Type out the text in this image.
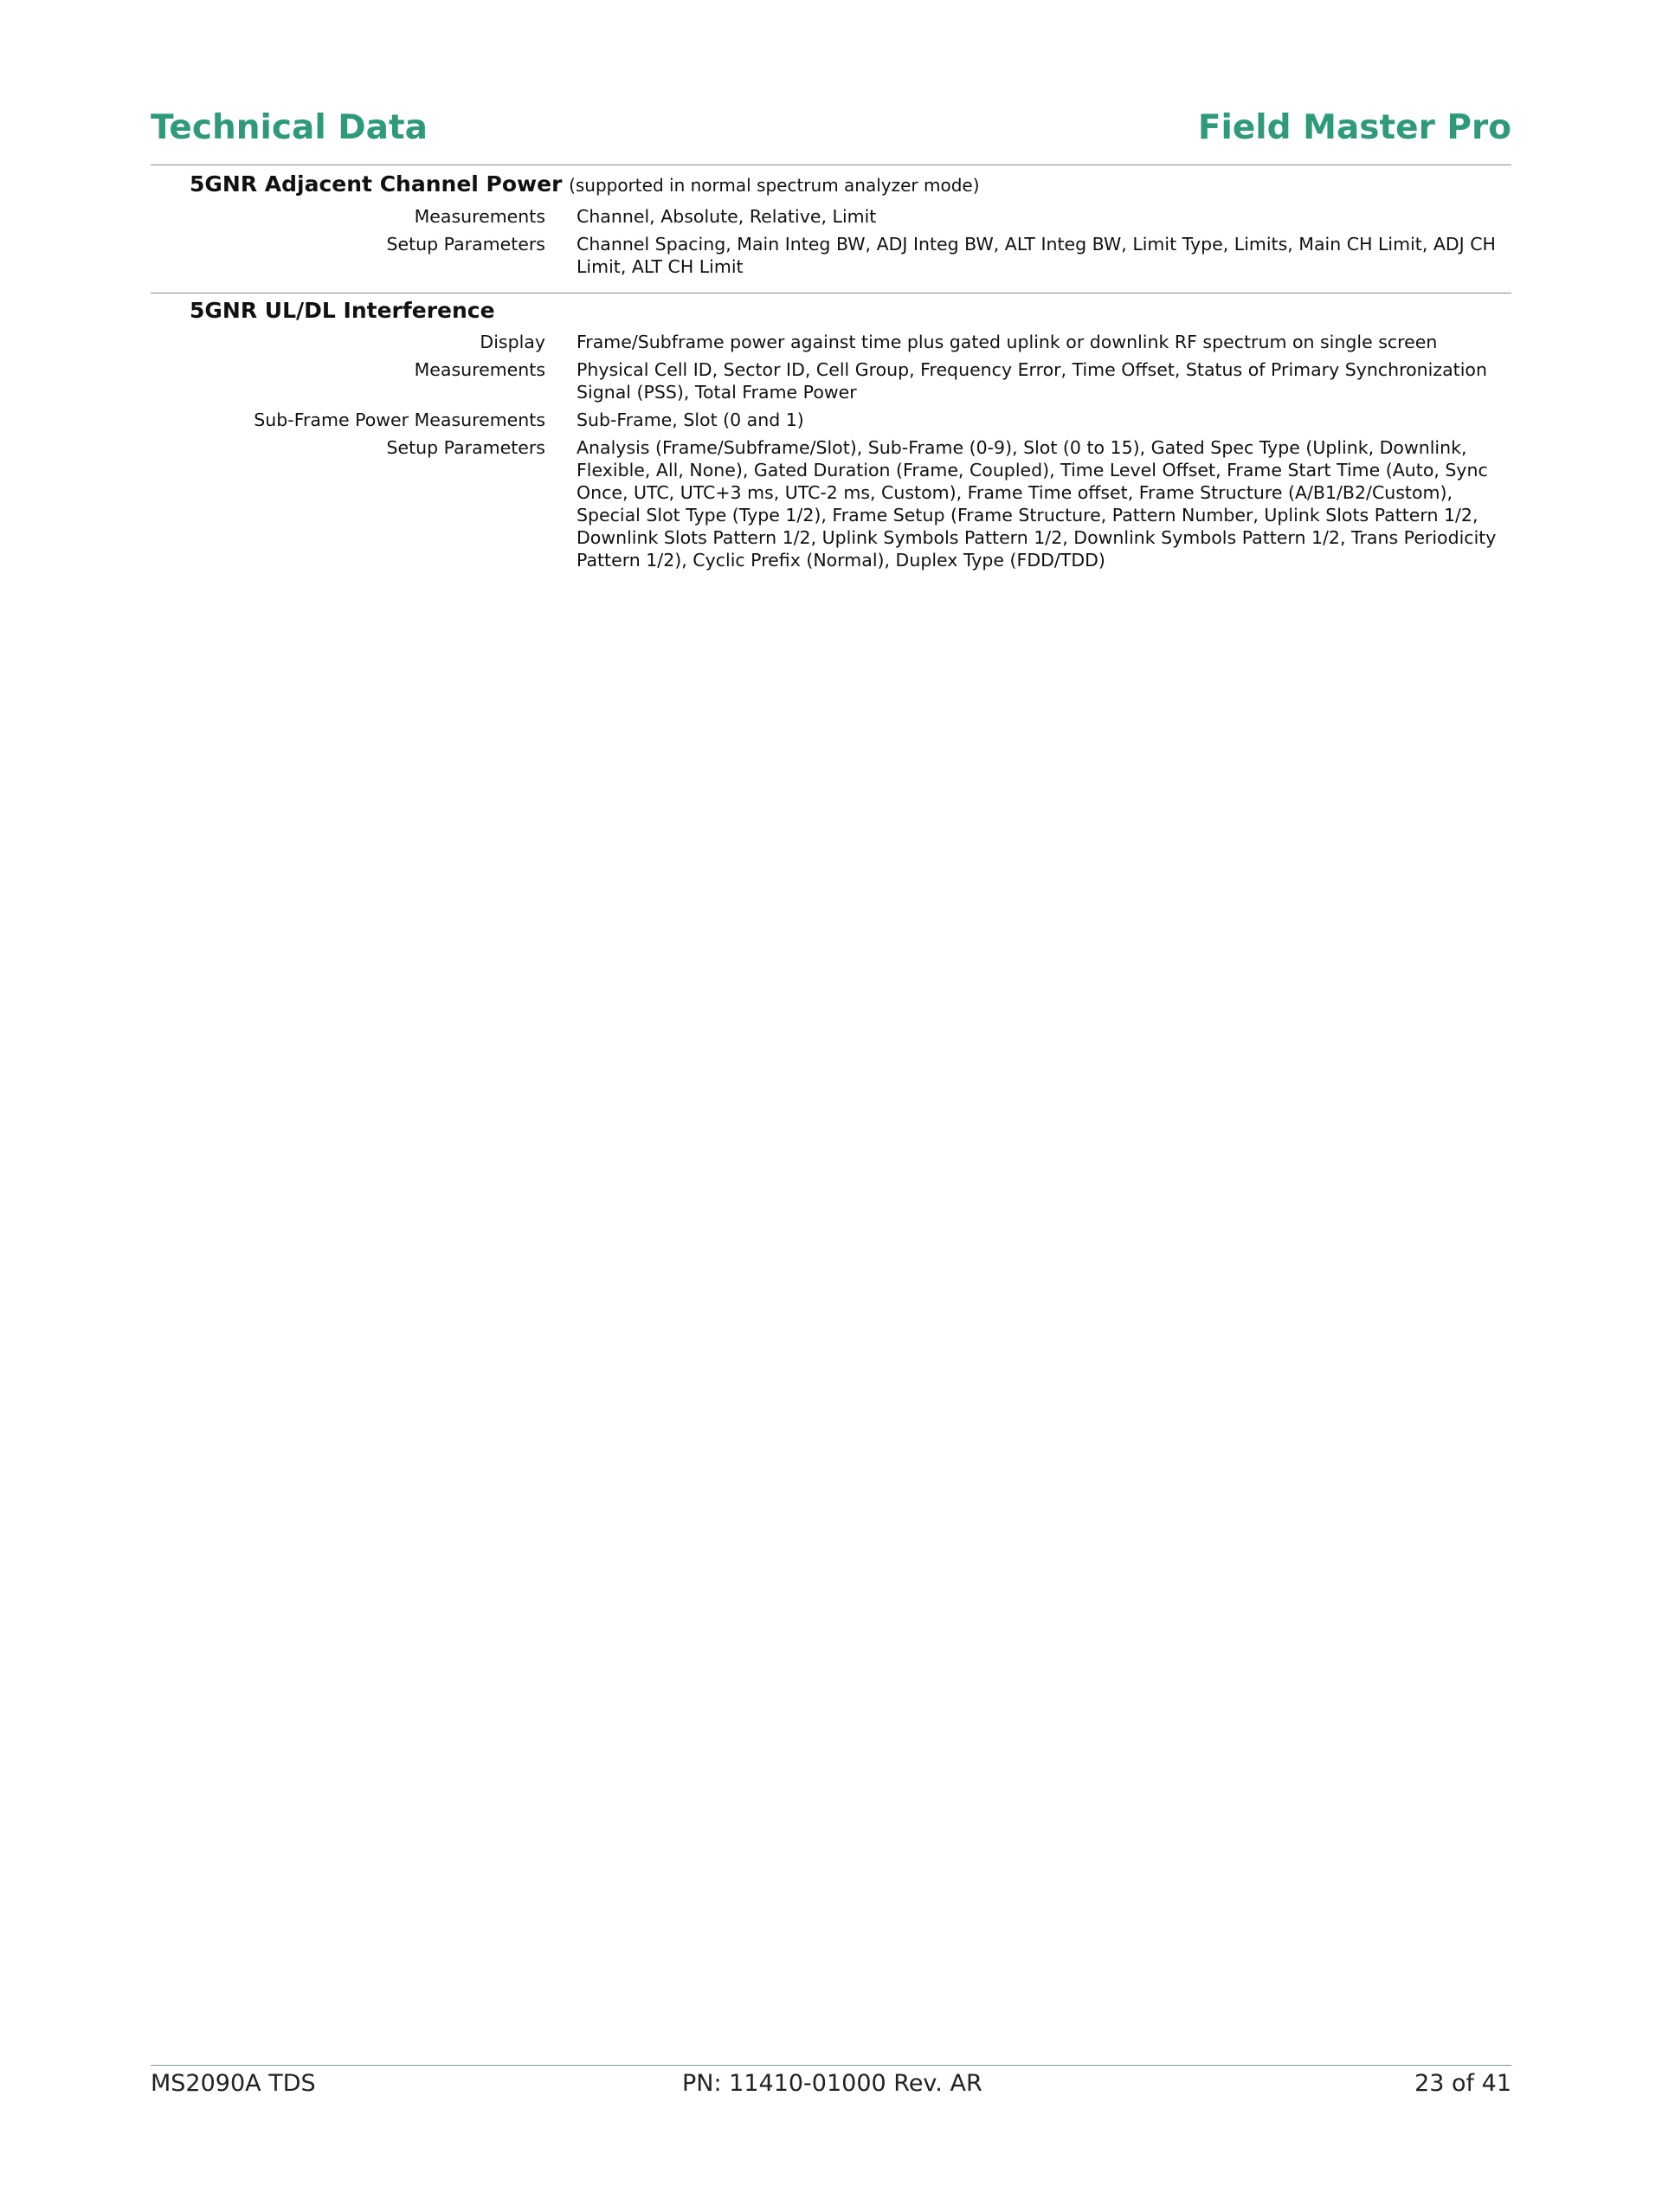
Technical Data	Field Master Pro
5GNR Adjacent Channel Power (supported in normal spectrum analyzer mode)
Measurements Channel, Absolute, Relative, Limit
Setup Parameters Channel Spacing, Main Integ BW, ADJ Integ BW, ALT Integ BW, Limit Type, Limits, Main CH Limit, ADJ CH Limit, ALT CH Limit
5GNR UL/DL Interference
Display Frame/Subframe power against time plus gated uplink or downlink RF spectrum on single screen
Measurements Physical Cell ID, Sector ID, Cell Group, Frequency Error, Time Offset, Status of Primary Synchronization Signal (PSS), Total Frame Power
Sub-Frame Power Measurements Sub-Frame, Slot (0 and 1)
Setup Parameters Analysis (Frame/Subframe/Slot), Sub-Frame (0-9), Slot (0 to 15), Gated Spec Type (Uplink, Downlink, Flexible, All, None), Gated Duration (Frame, Coupled), Time Level Offset, Frame Start Time (Auto, Sync Once, UTC, UTC+3 ms, UTC-2 ms, Custom), Frame Time offset, Frame Structure (A/B1/B2/Custom), Special Slot Type (Type 1/2), Frame Setup (Frame Structure, Pattern Number, Uplink Slots Pattern 1/2, Downlink Slots Pattern 1/2, Uplink Symbols Pattern 1/2, Downlink Symbols Pattern 1/2, Trans Periodicity Pattern 1/2), Cyclic Prefix (Normal), Duplex Type (FDD/TDD)
MS2090A TDS	PN: 11410-01000 Rev. AR	23 of 41
